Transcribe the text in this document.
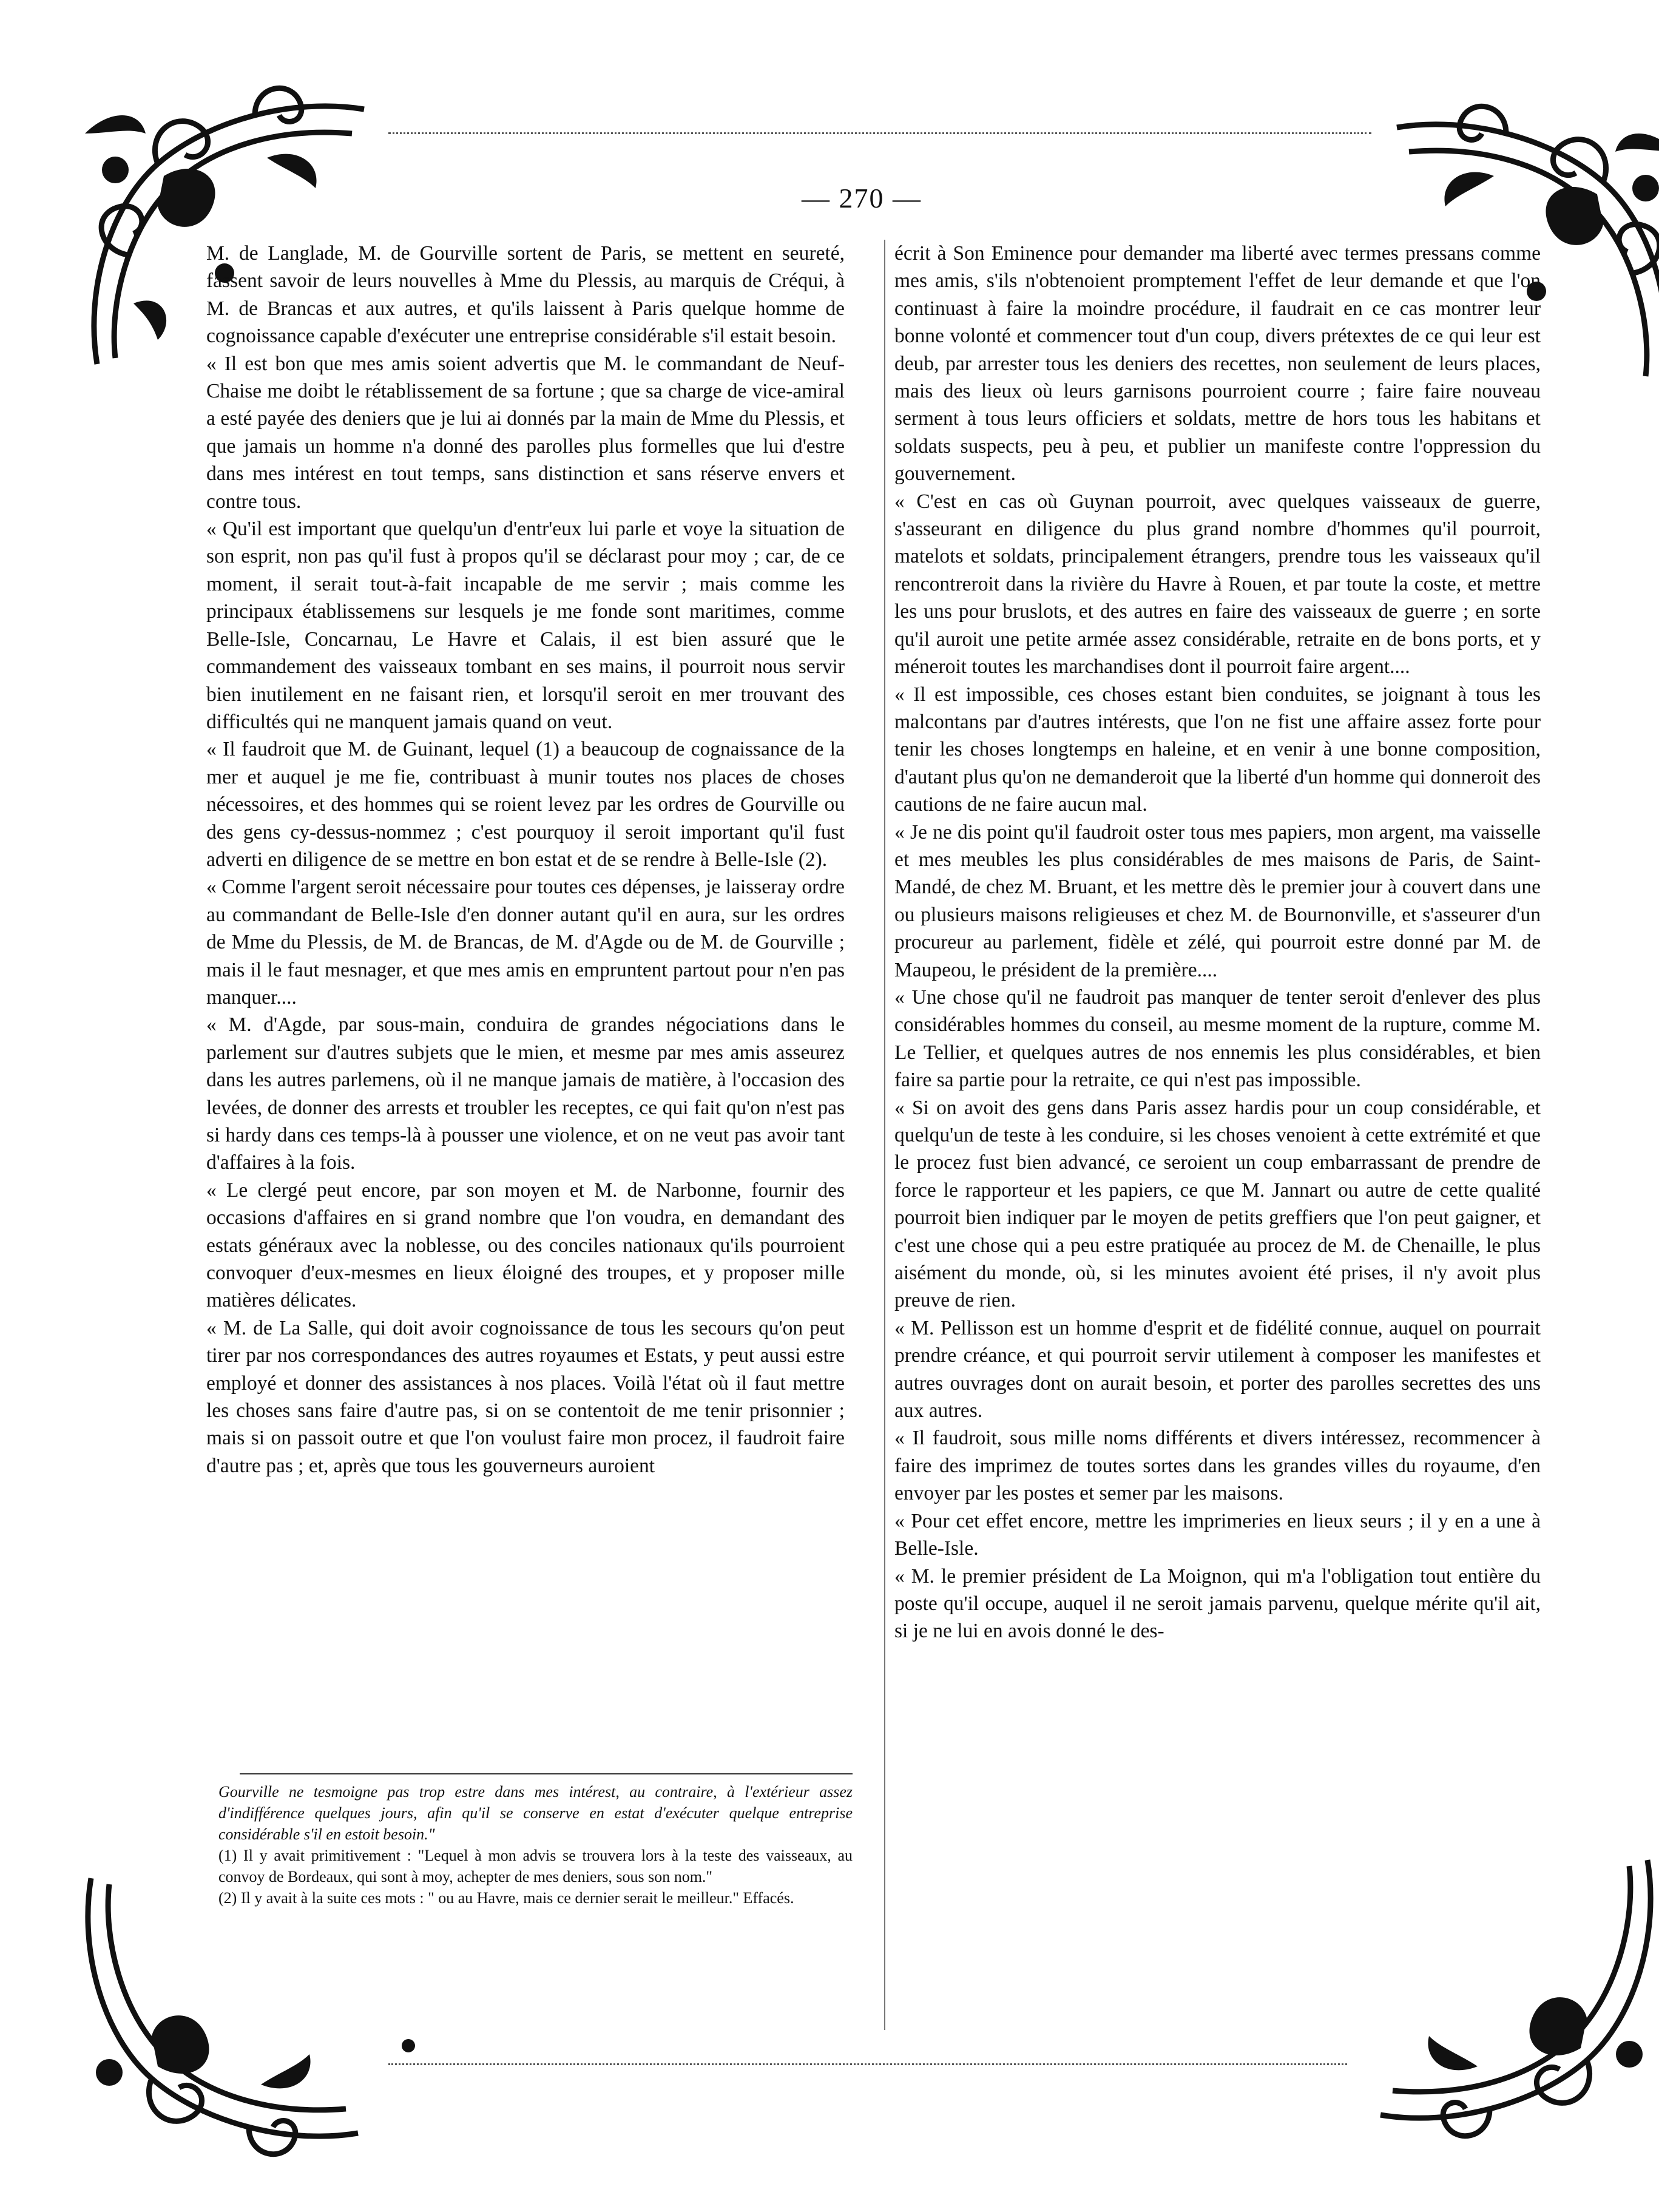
— 270 —

M. de Langlade, M. de Gourville sortent de Paris, se mettent en seureté, fassent savoir de leurs nouvelles à Mme du Plessis, au marquis de Créqui, à M. de Brancas et aux autres, et qu'ils laissent à Paris quelque homme de cognoissance capable d'exécuter une entreprise considérable s'il estait besoin.

« Il est bon que mes amis soient advertis que M. le commandant de Neuf-Chaise me doibt le rétablissement de sa fortune ; que sa charge de vice-amiral a esté payée des deniers que je lui ai donnés par la main de Mme du Plessis, et que jamais un homme n'a donné des parolles plus formelles que lui d'estre dans mes intérest en tout temps, sans distinction et sans réserve envers et contre tous.

« Qu'il est important que quelqu'un d'entr'eux lui parle et voye la situation de son esprit, non pas qu'il fust à propos qu'il se déclarast pour moy ; car, de ce moment, il serait tout-à-fait incapable de me servir ; mais comme les principaux établissemens sur lesquels je me fonde sont maritimes, comme Belle-Isle, Concarnau, Le Havre et Calais, il est bien assuré que le commandement des vaisseaux tombant en ses mains, il pourroit nous servir bien inutilement en ne faisant rien, et lorsqu'il seroit en mer trouvant des difficultés qui ne manquent jamais quand on veut.

« Il faudroit que M. de Guinant, lequel (1) a beaucoup de cognaissance de la mer et auquel je me fie, contribuast à munir toutes nos places de choses nécessoires, et des hommes qui se roient levez par les ordres de Gourville ou des gens cy-dessus-nommez ; c'est pourquoy il seroit important qu'il fust adverti en diligence de se mettre en bon estat et de se rendre à Belle-Isle (2).

« Comme l'argent seroit nécessaire pour toutes ces dépenses, je laisseray ordre au commandant de Belle-Isle d'en donner autant qu'il en aura, sur les ordres de Mme du Plessis, de M. de Brancas, de M. d'Agde ou de M. de Gourville ; mais il le faut mesnager, et que mes amis en empruntent partout pour n'en pas manquer....

« M. d'Agde, par sous-main, conduira de grandes négociations dans le parlement sur d'autres subjets que le mien, et mesme par mes amis asseurez dans les autres parlemens, où il ne manque jamais de matière, à l'occasion des levées, de donner des arrests et troubler les receptes, ce qui fait qu'on n'est pas si hardy dans ces temps-là à pousser une violence, et on ne veut pas avoir tant d'affaires à la fois.

« Le clergé peut encore, par son moyen et M. de Narbonne, fournir des occasions d'affaires en si grand nombre que l'on voudra, en demandant des estats généraux avec la noblesse, ou des conciles nationaux qu'ils pourroient convoquer d'eux-mesmes en lieux éloigné des troupes, et y proposer mille matières délicates.

« M. de La Salle, qui doit avoir cognoissance de tous les secours qu'on peut tirer par nos correspondances des autres royaumes et Estats, y peut aussi estre employé et donner des assistances à nos places. Voilà l'état où il faut mettre les choses sans faire d'autre pas, si on se contentoit de me tenir prisonnier ; mais si on passoit outre et que l'on voulust faire mon procez, il faudroit faire d'autre pas ; et, après que tous les gouverneurs auroient

Gourville ne tesmoigne pas trop estre dans mes intérest, au contraire, à l'extérieur assez d'indifférence quelques jours, afin qu'il se conserve en estat d'exécuter quelque entreprise considérable s'il en estoit besoin."

(1) Il y avait primitivement : "Lequel à mon advis se trouvera lors à la teste des vaisseaux, au convoy de Bordeaux, qui sont à moy, achepter de mes deniers, sous son nom."

(2) Il y avait à la suite ces mots : " ou au Havre, mais ce dernier serait le meilleur." Effacés.

écrit à Son Eminence pour demander ma liberté avec termes pressans comme mes amis, s'ils n'obtenoient promptement l'effet de leur demande et que l'on continuast à faire la moindre procédure, il faudrait en ce cas montrer leur bonne volonté et commencer tout d'un coup, divers prétextes de ce qui leur est deub, par arrester tous les deniers des recettes, non seulement de leurs places, mais des lieux où leurs garnisons pourroient courre ; faire faire nouveau serment à tous leurs officiers et soldats, mettre de hors tous les habitans et soldats suspects, peu à peu, et publier un manifeste contre l'oppression du gouvernement.

« C'est en cas où Guynan pourroit, avec quelques vaisseaux de guerre, s'asseurant en diligence du plus grand nombre d'hommes qu'il pourroit, matelots et soldats, principalement étrangers, prendre tous les vaisseaux qu'il rencontreroit dans la rivière du Havre à Rouen, et par toute la coste, et mettre les uns pour bruslots, et des autres en faire des vaisseaux de guerre ; en sorte qu'il auroit une petite armée assez considérable, retraite en de bons ports, et y méneroit toutes les marchandises dont il pourroit faire argent....

« Il est impossible, ces choses estant bien conduites, se joignant à tous les malcontans par d'autres intérests, que l'on ne fist une affaire assez forte pour tenir les choses longtemps en haleine, et en venir à une bonne composition, d'autant plus qu'on ne demanderoit que la liberté d'un homme qui donneroit des cautions de ne faire aucun mal.

« Je ne dis point qu'il faudroit oster tous mes papiers, mon argent, ma vaisselle et mes meubles les plus considérables de mes maisons de Paris, de Saint-Mandé, de chez M. Bruant, et les mettre dès le premier jour à couvert dans une ou plusieurs maisons religieuses et chez M. de Bournonville, et s'asseurer d'un procureur au parlement, fidèle et zélé, qui pourroit estre donné par M. de Maupeou, le président de la première....

« Une chose qu'il ne faudroit pas manquer de tenter seroit d'enlever des plus considérables hommes du conseil, au mesme moment de la rupture, comme M. Le Tellier, et quelques autres de nos ennemis les plus considérables, et bien faire sa partie pour la retraite, ce qui n'est pas impossible.

« Si on avoit des gens dans Paris assez hardis pour un coup considérable, et quelqu'un de teste à les conduire, si les choses venoient à cette extrémité et que le procez fust bien advancé, ce seroient un coup embarrassant de prendre de force le rapporteur et les papiers, ce que M. Jannart ou autre de cette qualité pourroit bien indiquer par le moyen de petits greffiers que l'on peut gaigner, et c'est une chose qui a peu estre pratiquée au procez de M. de Chenaille, le plus aisément du monde, où, si les minutes avoient été prises, il n'y avoit plus preuve de rien.

« M. Pellisson est un homme d'esprit et de fidélité connue, auquel on pourrait prendre créance, et qui pourroit servir utilement à composer les manifestes et autres ouvrages dont on aurait besoin, et porter des parolles secrettes des uns aux autres.

« Il faudroit, sous mille noms différents et divers intéressez, recommencer à faire des imprimez de toutes sortes dans les grandes villes du royaume, d'en envoyer par les postes et semer par les maisons.

« Pour cet effet encore, mettre les imprimeries en lieux seurs ; il y en a une à Belle-Isle.

« M. le premier président de La Moignon, qui m'a l'obligation tout entière du poste qu'il occupe, auquel il ne seroit jamais parvenu, quelque mérite qu'il ait, si je ne lui en avois donné le des-
